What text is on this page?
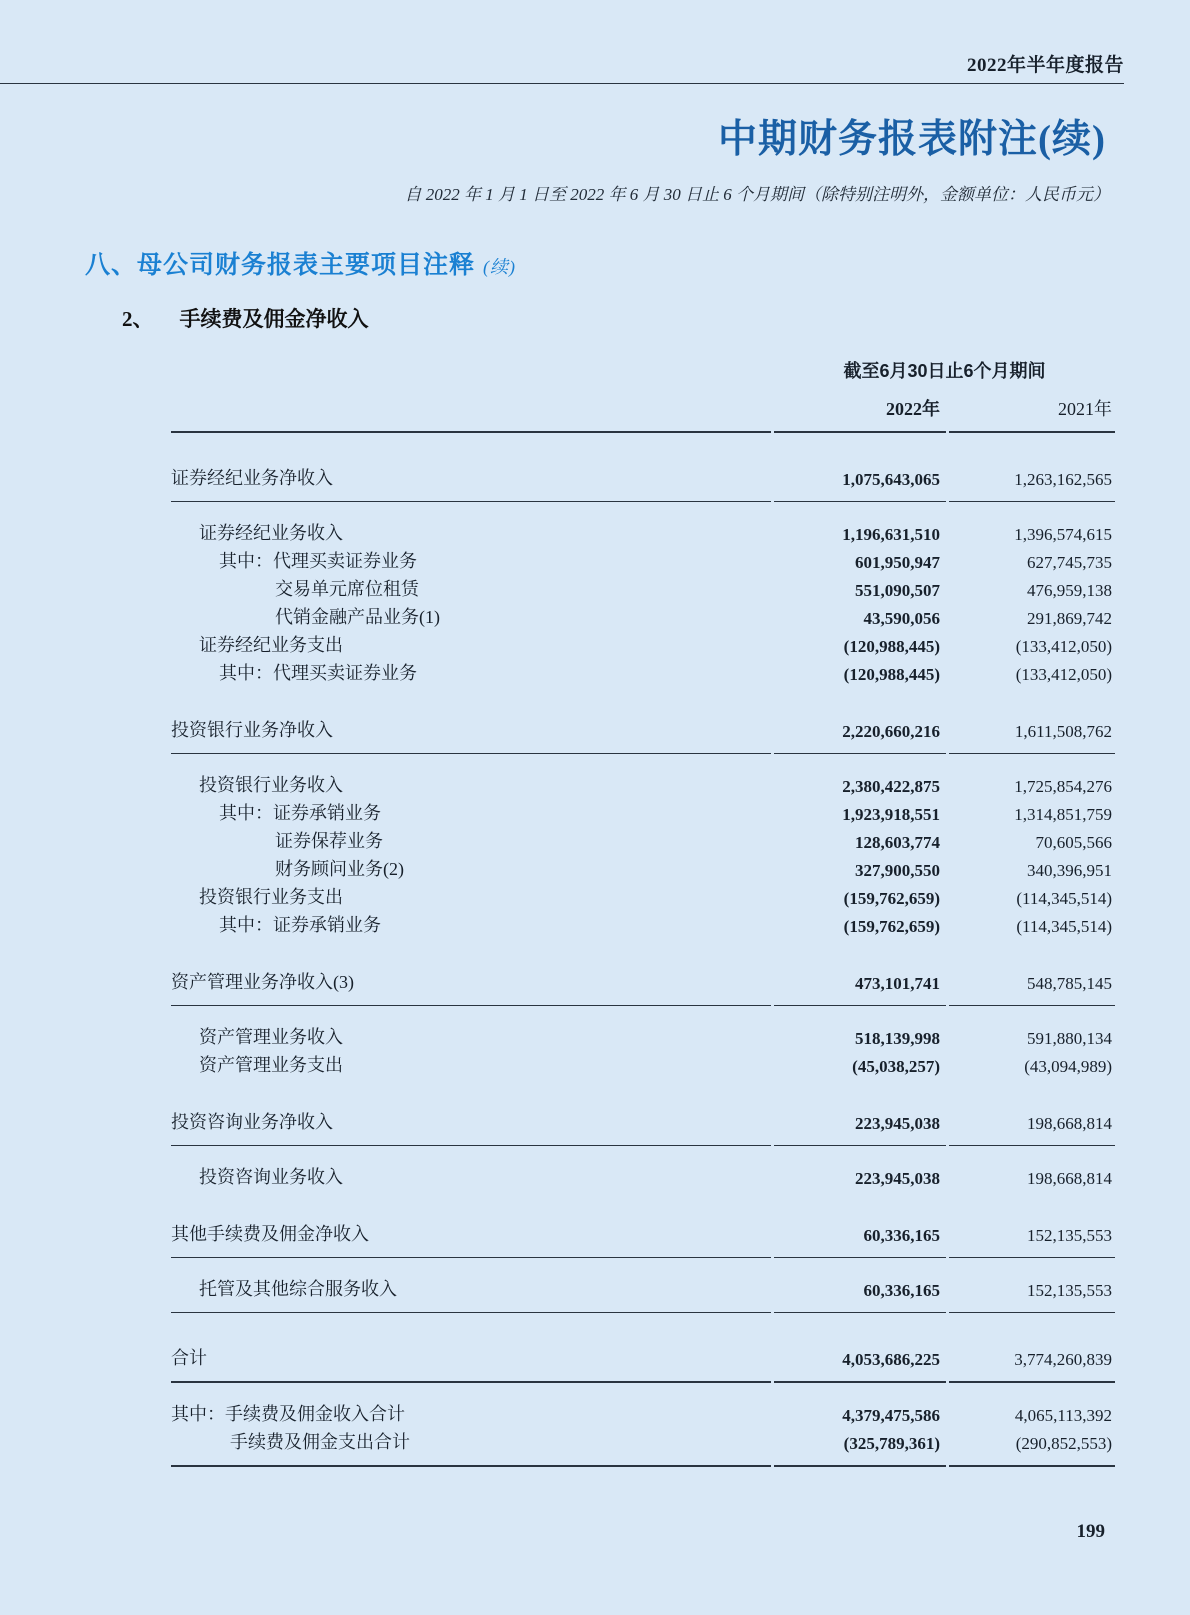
2022年半年度报告
中期财务报表附注(续)
自 2022 年 1 月 1 日至 2022 年 6 月 30 日止 6 个月期间（除特别注明外，金额单位：人民币元）
八、母公司财务报表主要项目注释 (续)
2、 手续费及佣金净收入
	截至6月30日止6个月期间	
	2022年	2021年

证券经纪业务净收入	1,075,643,065	1,263,162,565

证券经纪业务收入	1,196,631,510	1,396,574,615
其中：代理买卖证券业务	601,950,947	627,745,735
交易单元席位租赁	551,090,507	476,959,138
代销金融产品业务(1)	43,590,056	291,869,742
证券经纪业务支出	(120,988,445)	(133,412,050)
其中：代理买卖证券业务	(120,988,445)	(133,412,050)

投资银行业务净收入	2,220,660,216	1,611,508,762

投资银行业务收入	2,380,422,875	1,725,854,276
其中：证券承销业务	1,923,918,551	1,314,851,759
证券保荐业务	128,603,774	70,605,566
财务顾问业务(2)	327,900,550	340,396,951
投资银行业务支出	(159,762,659)	(114,345,514)
其中：证券承销业务	(159,762,659)	(114,345,514)

资产管理业务净收入(3)	473,101,741	548,785,145

资产管理业务收入	518,139,998	591,880,134
资产管理业务支出	(45,038,257)	(43,094,989)

投资咨询业务净收入	223,945,038	198,668,814

投资咨询业务收入	223,945,038	198,668,814

其他手续费及佣金净收入	60,336,165	152,135,553

托管及其他综合服务收入	60,336,165	152,135,553

合计	4,053,686,225	3,774,260,839

其中：手续费及佣金收入合计	4,379,475,586	4,065,113,392
手续费及佣金支出合计	(325,789,361)	(290,852,553)
199
